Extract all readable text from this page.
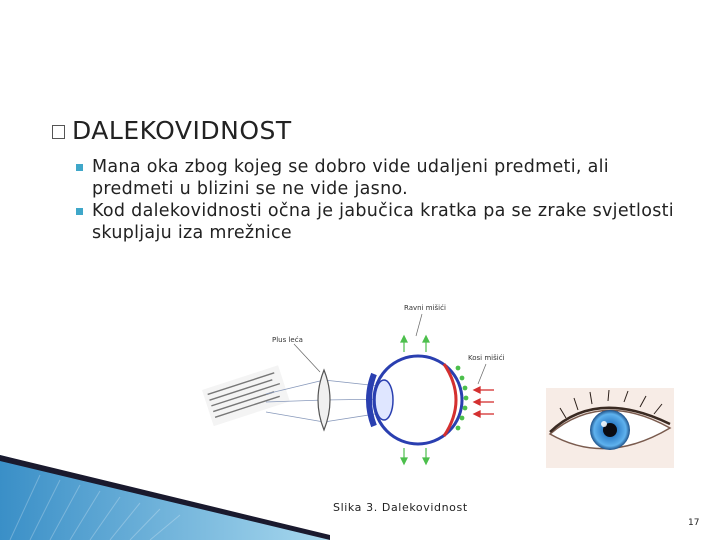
DALEKOVIDNOST
Mana oka zbog kojeg se dobro vide udaljeni predmeti, ali predmeti u blizini se ne vide jasno.
Kod dalekovidnosti očna je jabučica kratka pa se zrake svjetlosti skupljaju iza mrežnice
Plus leća
Ravni mišići
Kosi mišići
Slika 3. Dalekovidnost
17
